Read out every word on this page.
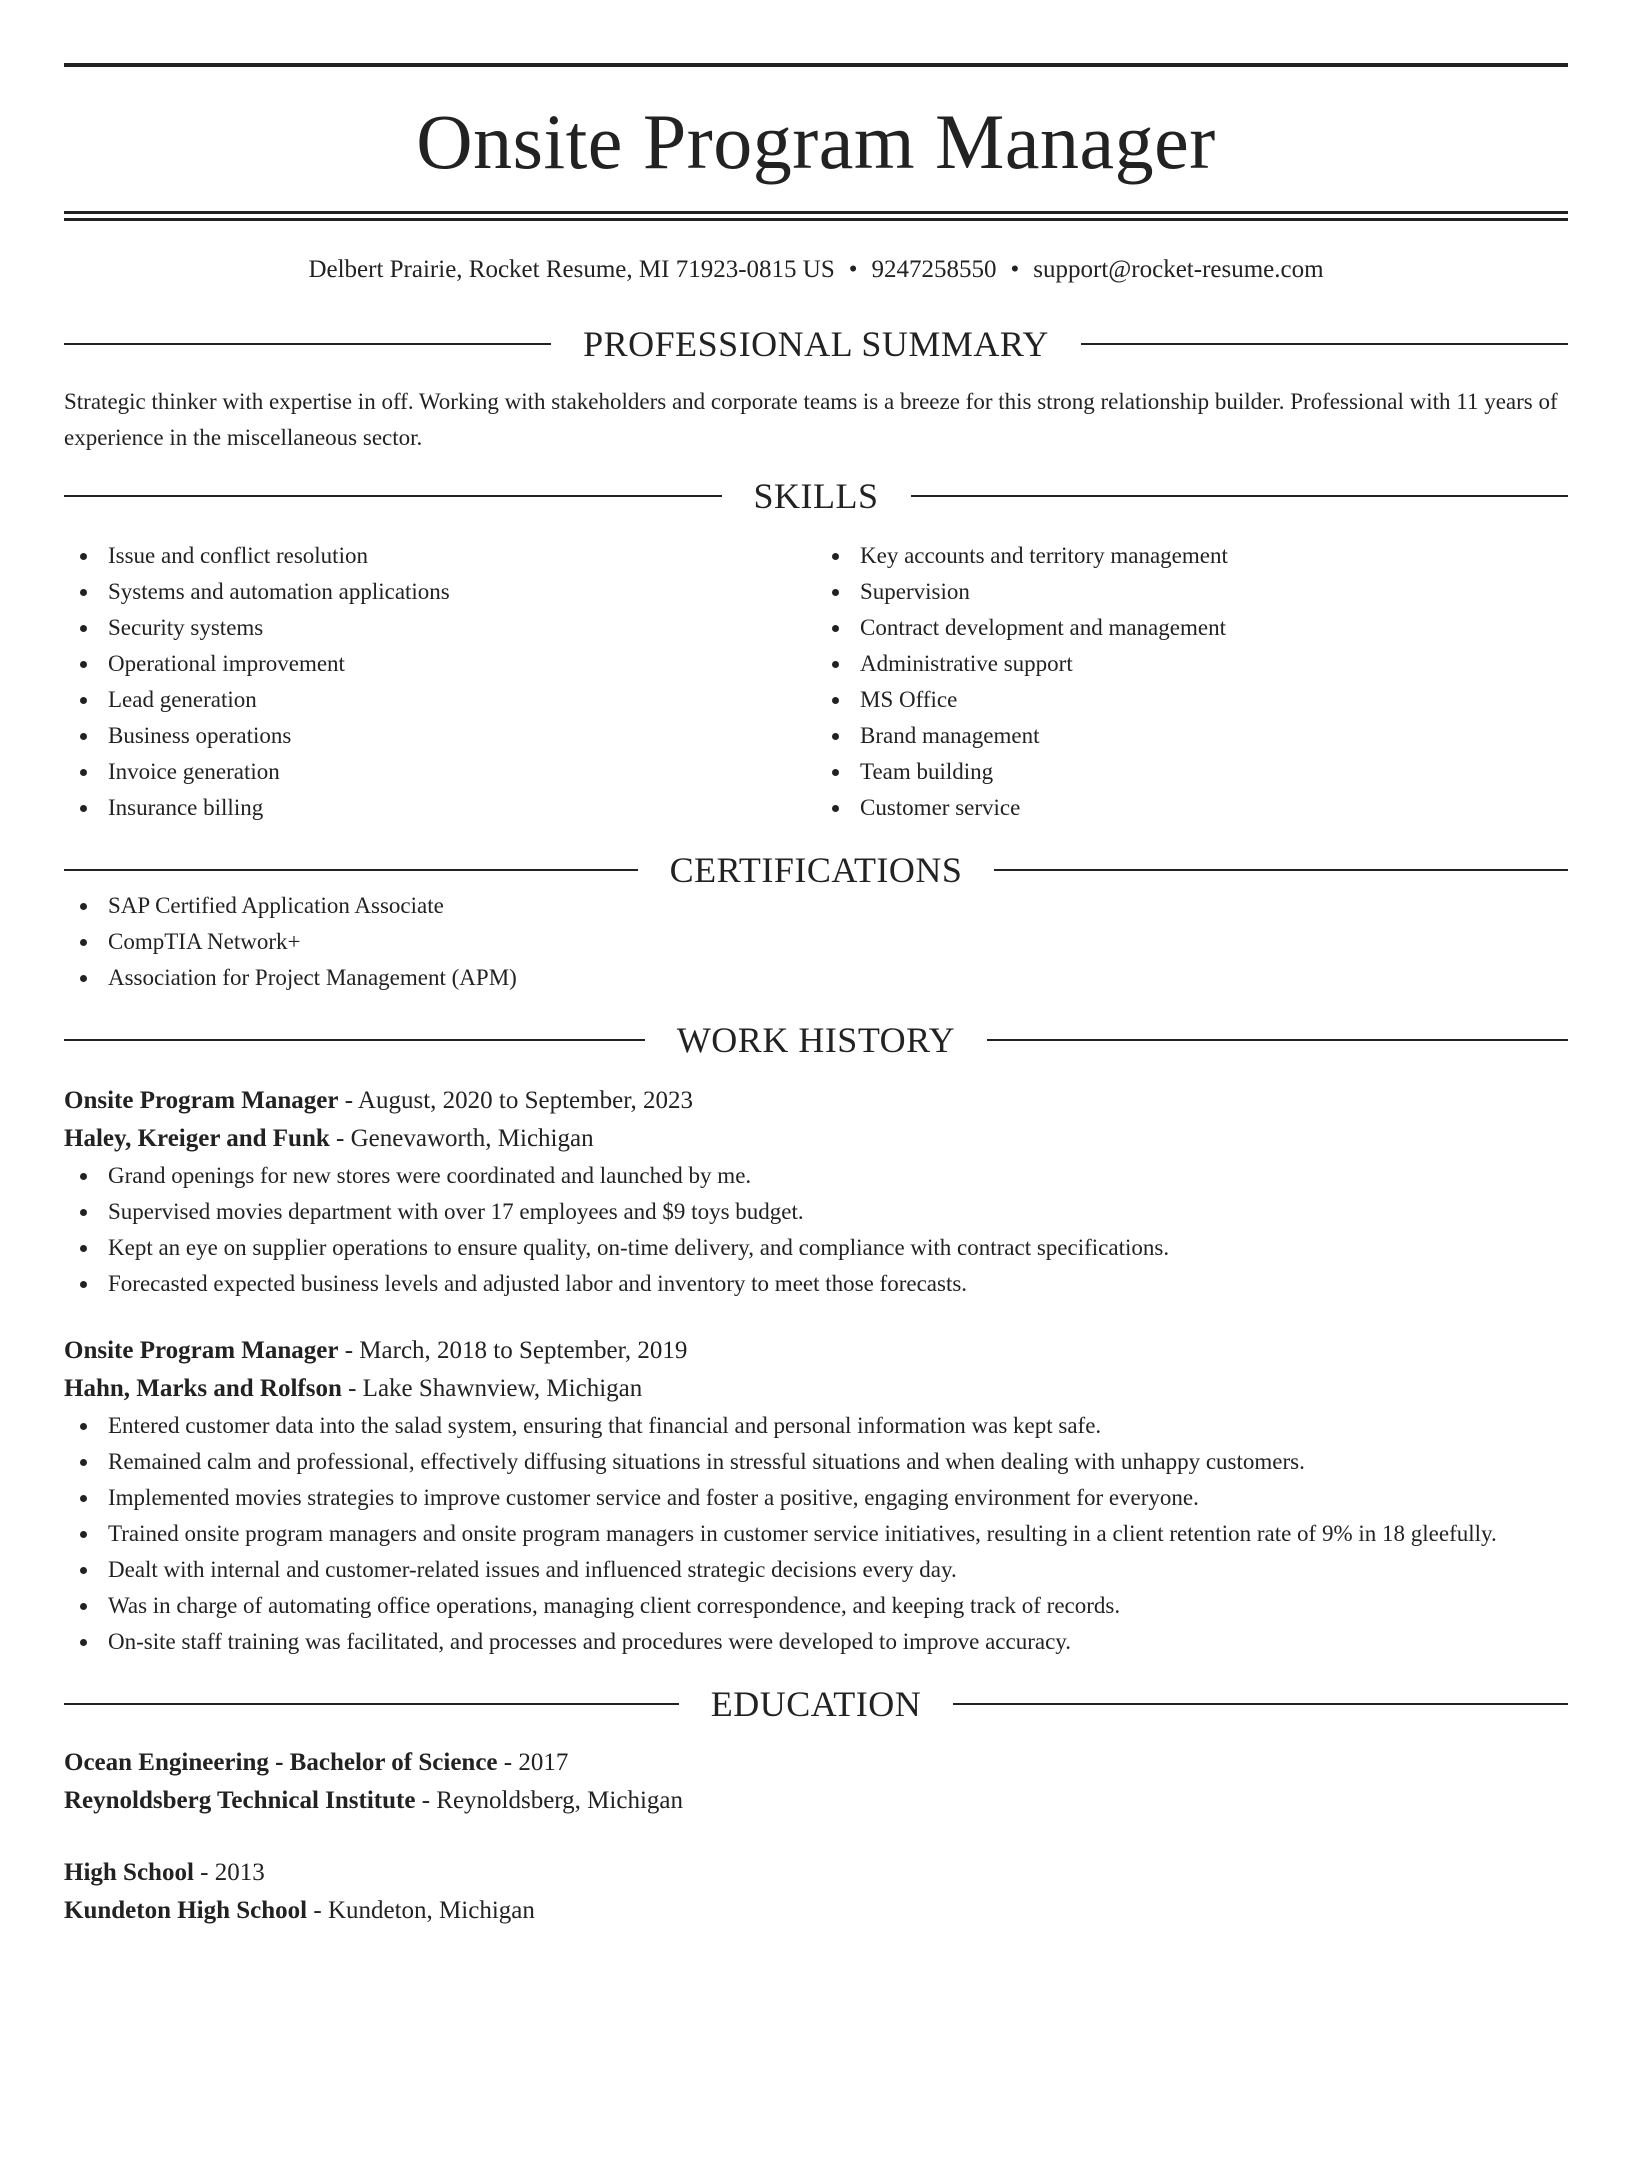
Onsite Program Manager
Delbert Prairie, Rocket Resume, MI 71923-0815 US • 9247258550 • support@rocket-resume.com
PROFESSIONAL SUMMARY

Strategic thinker with expertise in off. Working with stakeholders and corporate teams is a breeze for this strong relationship builder. Professional with 11 years of experience in the miscellaneous sector.

SKILLS
Issue and conflict resolution
Systems and automation applications
Security systems
Operational improvement
Lead generation
Business operations
Invoice generation
Insurance billing
Key accounts and territory management
Supervision
Contract development and management
Administrative support
MS Office
Brand management
Team building
Customer service
CERTIFICATIONS
SAP Certified Application Associate
CompTIA Network+
Association for Project Management (APM)
WORK HISTORY
Onsite Program Manager - August, 2020 to September, 2023
Haley, Kreiger and Funk - Genevaworth, Michigan
Grand openings for new stores were coordinated and launched by me.
Supervised movies department with over 17 employees and $9 toys budget.
Kept an eye on supplier operations to ensure quality, on-time delivery, and compliance with contract specifications.
Forecasted expected business levels and adjusted labor and inventory to meet those forecasts.
Onsite Program Manager - March, 2018 to September, 2019
Hahn, Marks and Rolfson - Lake Shawnview, Michigan
Entered customer data into the salad system, ensuring that financial and personal information was kept safe.
Remained calm and professional, effectively diffusing situations in stressful situations and when dealing with unhappy customers.
Implemented movies strategies to improve customer service and foster a positive, engaging environment for everyone.
Trained onsite program managers and onsite program managers in customer service initiatives, resulting in a client retention rate of 9% in 18 gleefully.
Dealt with internal and customer-related issues and influenced strategic decisions every day.
Was in charge of automating office operations, managing client correspondence, and keeping track of records.
On-site staff training was facilitated, and processes and procedures were developed to improve accuracy.
EDUCATION
Ocean Engineering - Bachelor of Science - 2017
Reynoldsberg Technical Institute - Reynoldsberg, Michigan
High School - 2013
Kundeton High School - Kundeton, Michigan
